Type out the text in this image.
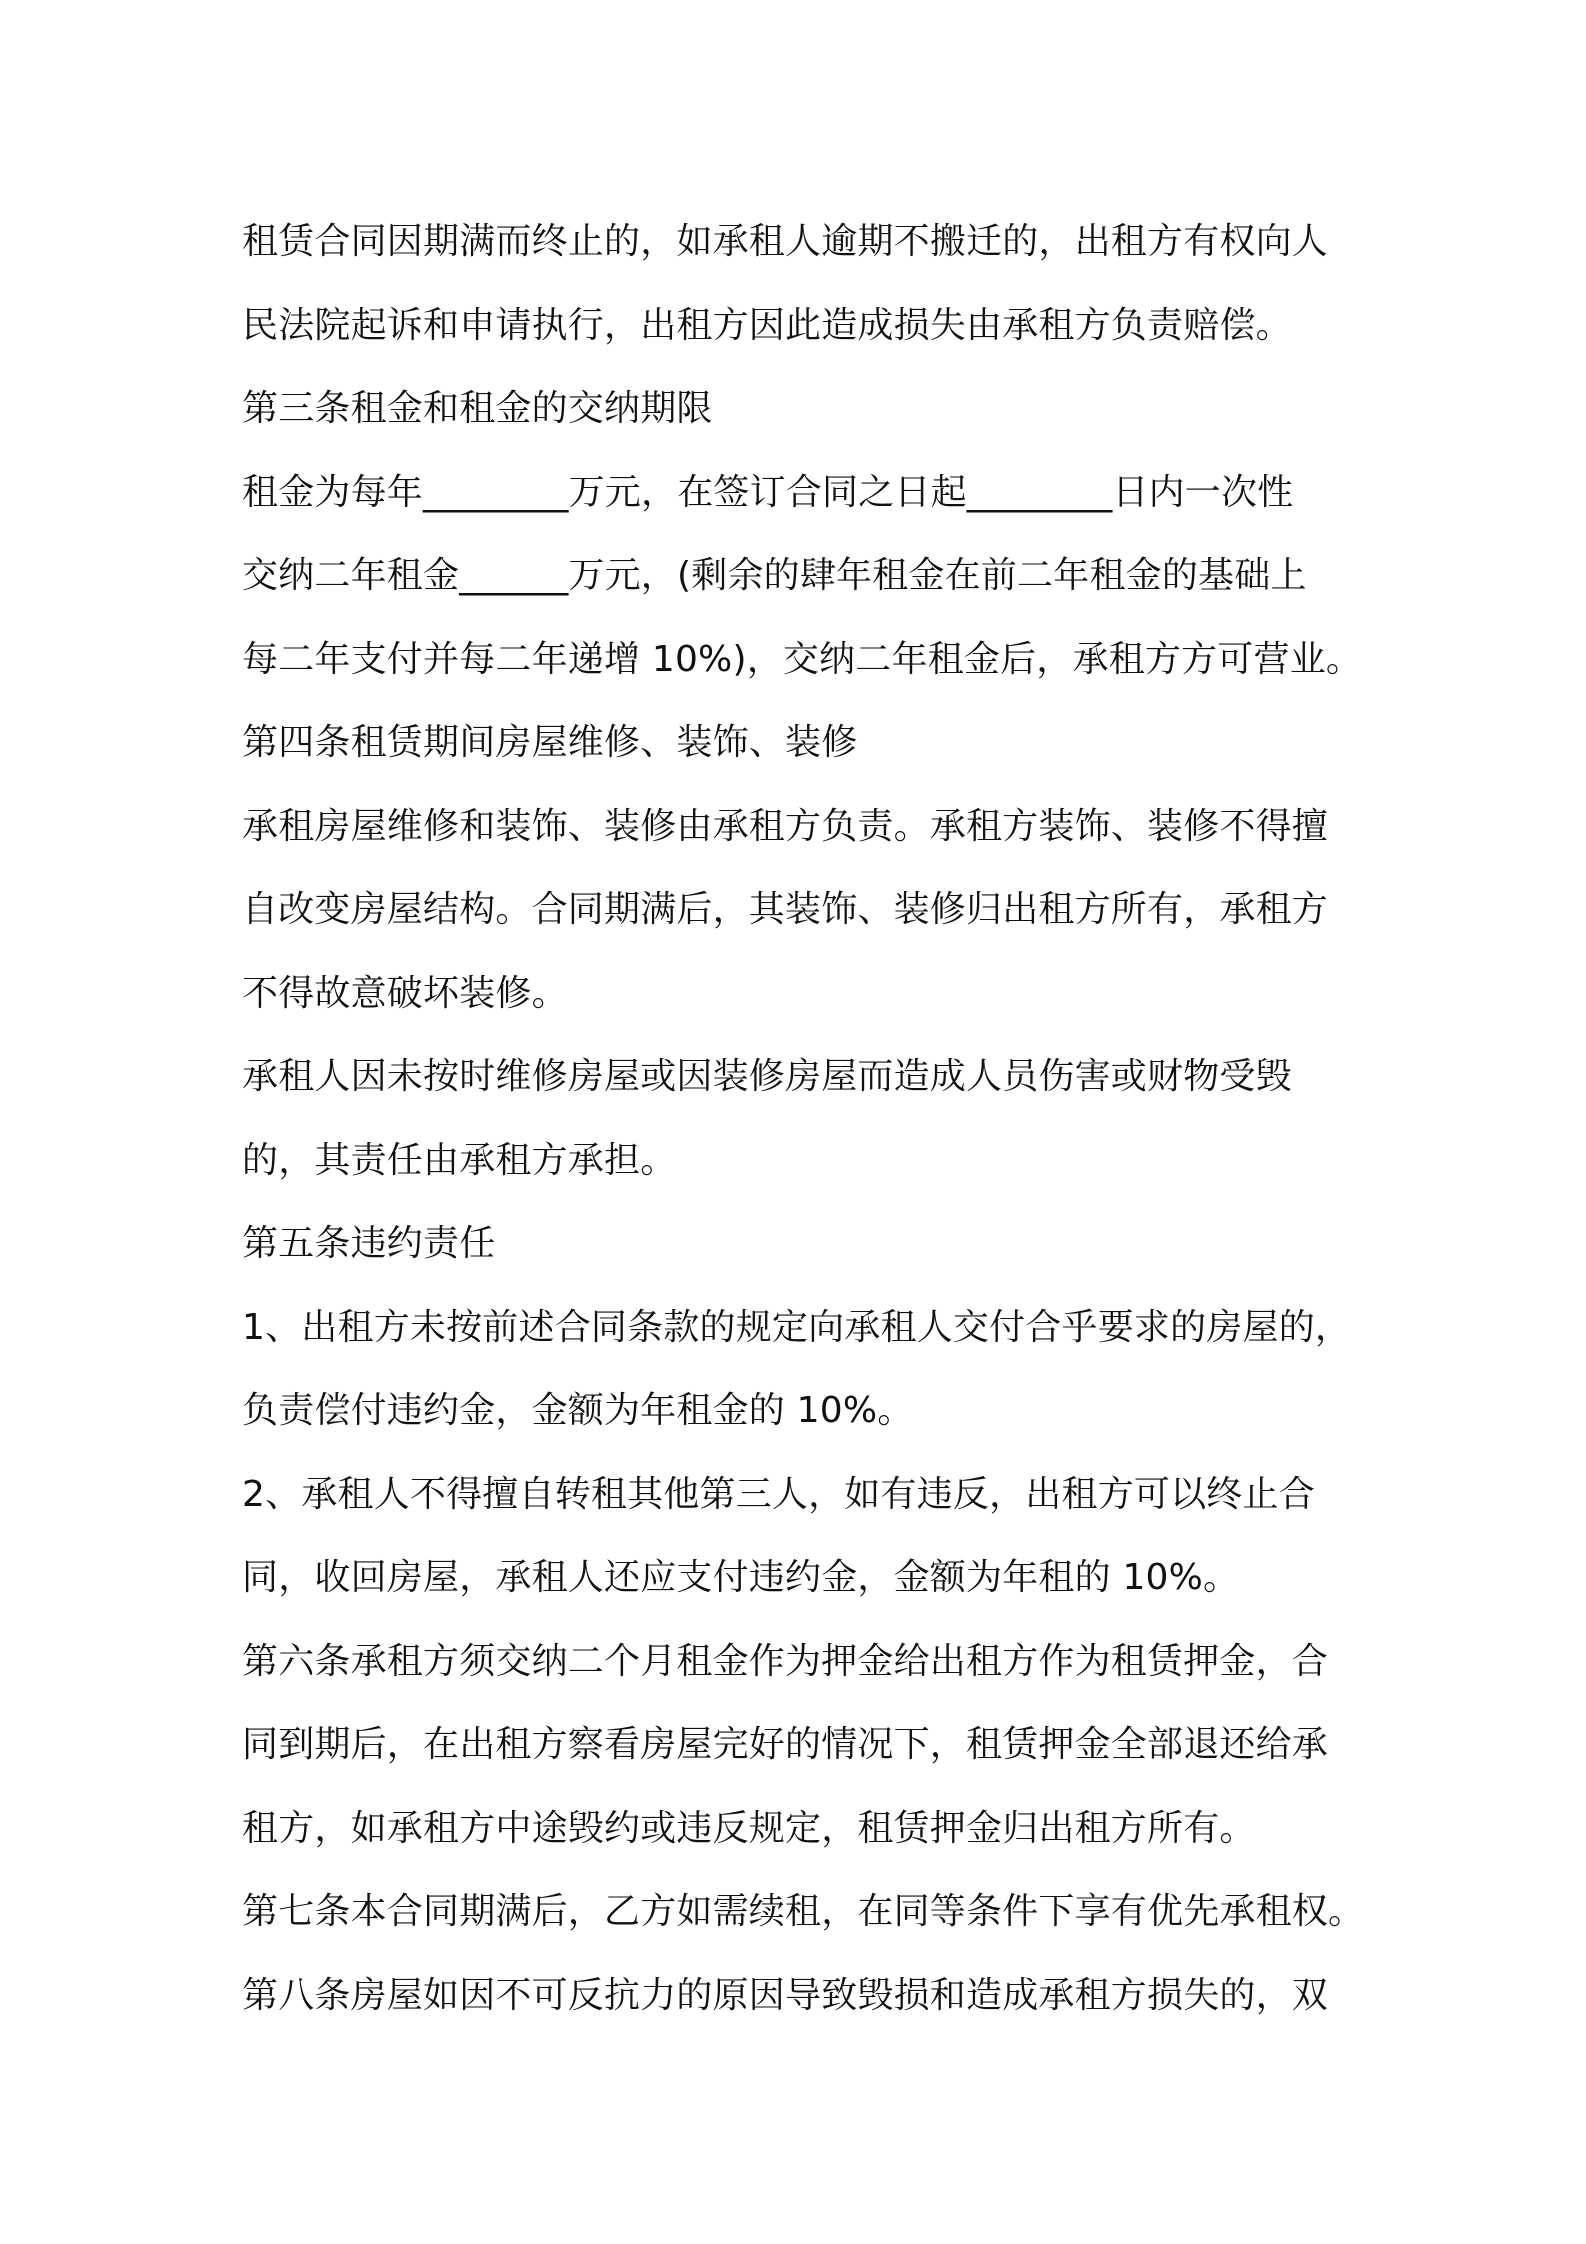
租赁合同因期满而终止的，如承租人逾期不搬迁的，出租方有权向人
民法院起诉和申请执行，出租方因此造成损失由承租方负责赔偿。
第三条租金和租金的交纳期限
租金为每年________万元，在签订合同之日起________日内一次性
交纳二年租金______万元，(剩余的肆年租金在前二年租金的基础上
每二年支付并每二年递增 10%)，交纳二年租金后，承租方方可营业。
第四条租赁期间房屋维修、装饰、装修
承租房屋维修和装饰、装修由承租方负责。承租方装饰、装修不得擅
自改变房屋结构。合同期满后，其装饰、装修归出租方所有，承租方
不得故意破坏装修。
承租人因未按时维修房屋或因装修房屋而造成人员伤害或财物受毁
的，其责任由承租方承担。
第五条违约责任
1、出租方未按前述合同条款的规定向承租人交付合乎要求的房屋的，
负责偿付违约金，金额为年租金的 10%。
2、承租人不得擅自转租其他第三人，如有违反，出租方可以终止合
同，收回房屋，承租人还应支付违约金，金额为年租的 10%。
第六条承租方须交纳二个月租金作为押金给出租方作为租赁押金，合
同到期后，在出租方察看房屋完好的情况下，租赁押金全部退还给承
租方，如承租方中途毁约或违反规定，租赁押金归出租方所有。
第七条本合同期满后，乙方如需续租，在同等条件下享有优先承租权。
第八条房屋如因不可反抗力的原因导致毁损和造成承租方损失的，双
